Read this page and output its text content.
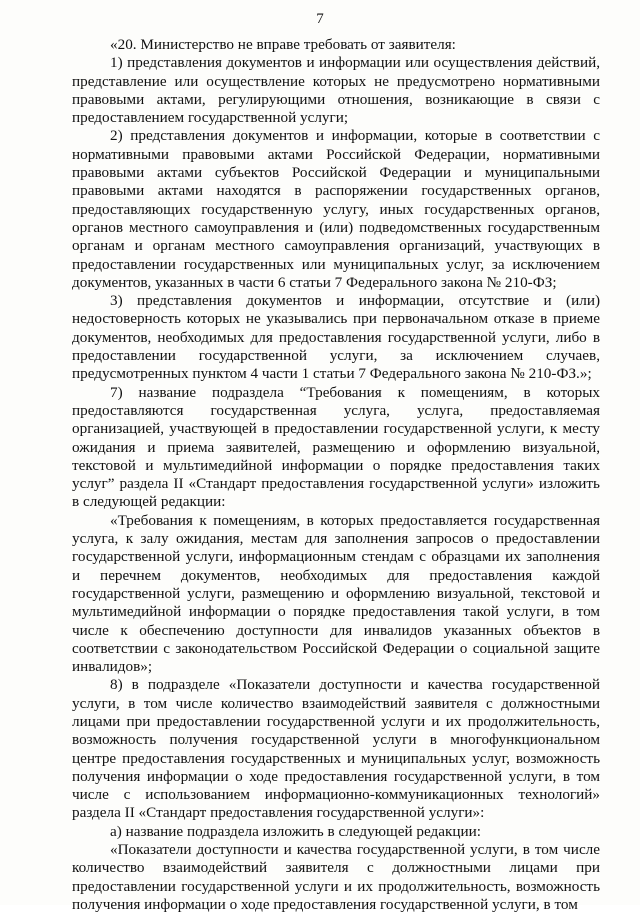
7

«20. Министерство не вправе требовать от заявителя:

1) представления документов и информации или осуществления действий, представление или осуществление которых не предусмотрено нормативными правовыми актами, регулирующими отношения, возникающие в связи с предоставлением государственной услуги;

2) представления документов и информации, которые в соответствии с нормативными правовыми актами Российской Федерации, нормативными правовыми актами субъектов Российской Федерации и муниципальными правовыми актами находятся в распоряжении государственных органов, предоставляющих государственную услугу, иных государственных органов, органов местного самоуправления и (или) подведомственных государственным органам и органам местного самоуправления организаций, участвующих в предоставлении государственных или муниципальных услуг, за исключением документов, указанных в части 6 статьи 7 Федерального закона № 210-ФЗ;

3) представления документов и информации, отсутствие и (или) недостоверность которых не указывались при первоначальном отказе в приеме документов, необходимых для предоставления государственной услуги, либо в предоставлении государственной услуги, за исключением случаев, предусмотренных пунктом 4 части 1 статьи 7 Федерального закона № 210-ФЗ.»;

7) название подраздела “Требования к помещениям, в которых предоставляются государственная услуга, услуга, предоставляемая организацией, участвующей в предоставлении государственной услуги, к месту ожидания и приема заявителей, размещению и оформлению визуальной, текстовой и мультимедийной информации о порядке предоставления таких услуг” раздела II «Стандарт предоставления государственной услуги» изложить в следующей редакции:

«Требования к помещениям, в которых предоставляется государственная услуга, к залу ожидания, местам для заполнения запросов о предоставлении государственной услуги, информационным стендам с образцами их заполнения и перечнем документов, необходимых для предоставления каждой государственной услуги, размещению и оформлению визуальной, текстовой и мультимедийной информации о порядке предоставления такой услуги, в том числе к обеспечению доступности для инвалидов указанных объектов в соответствии с законодательством Российской Федерации о социальной защите инвалидов»;

8) в подразделе «Показатели доступности и качества государственной услуги, в том числе количество взаимодействий заявителя с должностными лицами при предоставлении государственной услуги и их продолжительность, возможность получения государственной услуги в многофункциональном центре предоставления государственных и муниципальных услуг, возможность получения информации о ходе предоставления государственной услуги, в том числе с использованием информационно-коммуникационных технологий» раздела II «Стандарт предоставления государственной услуги»:

а) название подраздела изложить в следующей редакции:

«Показатели доступности и качества государственной услуги, в том числе количество взаимодействий заявителя с должностными лицами при предоставлении государственной услуги и их продолжительность, возможность получения информации о ходе предоставления государственной услуги, в том
